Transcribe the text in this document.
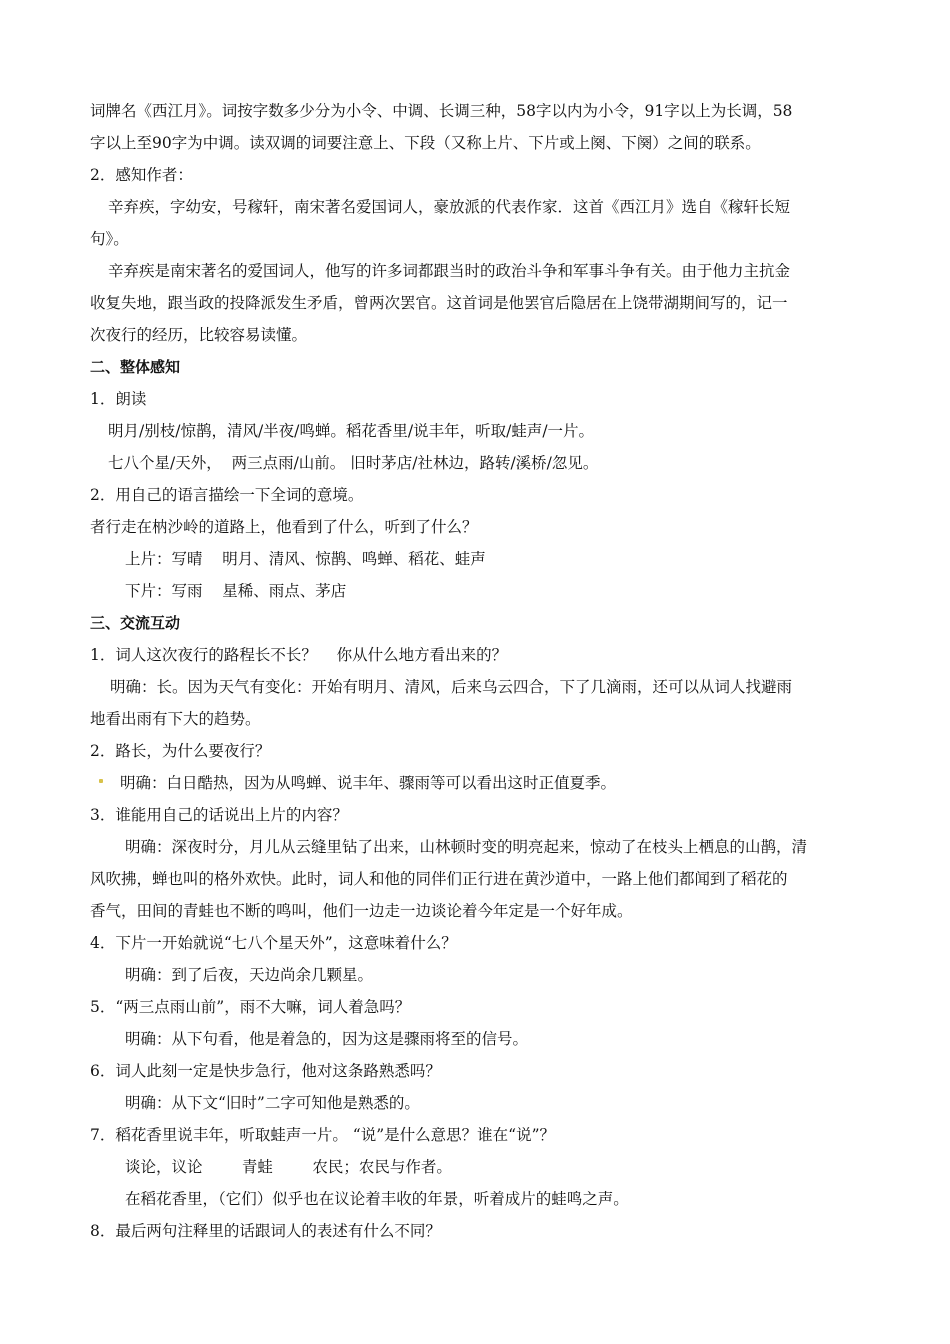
词牌名《西江月》。词按字数多少分为小令、中调、长调三种，58字以内为小令，91字以上为长调，58
字以上至90字为中调。读双调的词要注意上、下段（又称上片、下片或上阕、下阕）之间的联系。
2．感知作者：
辛弃疾，字幼安，号稼轩，南宋著名爱国词人，豪放派的代表作家．这首《西江月》选自《稼轩长短
句》。
辛弃疾是南宋著名的爱国词人，他写的许多词都跟当时的政治斗争和军事斗争有关。由于他力主抗金
收复失地，跟当政的投降派发生矛盾，曾两次罢官。这首词是他罢官后隐居在上饶带湖期间写的，记一
次夜行的经历，比较容易读懂。
二、整体感知
1．朗读
明月/别枝/惊鹊，清风/半夜/鸣蝉。稻花香里/说丰年，听取/蛙声/一片。
七八个星/天外，  两三点雨/山前。 旧时茅店/社林边，路转/溪桥/忽见。
2．用自己的语言描绘一下全词的意境。
者行走在枘沙岭的道路上，他看到了什么，听到了什么？
上片：写晴    明月、清风、惊鹊、鸣蝉、稻花、蛙声
下片：写雨    星稀、雨点、茅店
三、交流互动
1．词人这次夜行的路程长不长？    你从什么地方看出来的？
明确：长。因为天气有变化：开始有明月、清风，后来乌云四合，下了几滴雨，还可以从词人找避雨
地看出雨有下大的趋势。
2．路长，为什么要夜行？
明确：白日酷热，因为从鸣蝉、说丰年、骤雨等可以看出这时正值夏季。
3．谁能用自己的话说出上片的内容？
明确：深夜时分，月儿从云缝里钻了出来，山林顿时变的明亮起来，惊动了在枝头上栖息的山鹊，清
风吹拂，蝉也叫的格外欢快。此时，词人和他的同伴们正行进在黄沙道中，一路上他们都闻到了稻花的
香气，田间的青蛙也不断的鸣叫，他们一边走一边谈论着今年定是一个好年成。
4．下片一开始就说“七八个星天外”，这意味着什么？
明确：到了后夜，天边尚余几颗星。
5．“两三点雨山前”，雨不大嘛，词人着急吗？
明确：从下句看，他是着急的，因为这是骤雨将至的信号。
6．词人此刻一定是快步急行，他对这条路熟悉吗？
明确：从下文“旧时”二字可知他是熟悉的。
7．稻花香里说丰年，听取蛙声一片。 “说”是什么意思？谁在“说”？
谈论，议论        青蛙        农民；农民与作者。
在稻花香里，（它们）似乎也在议论着丰收的年景，听着成片的蛙鸣之声。
8．最后两句注释里的话跟词人的表述有什么不同？
